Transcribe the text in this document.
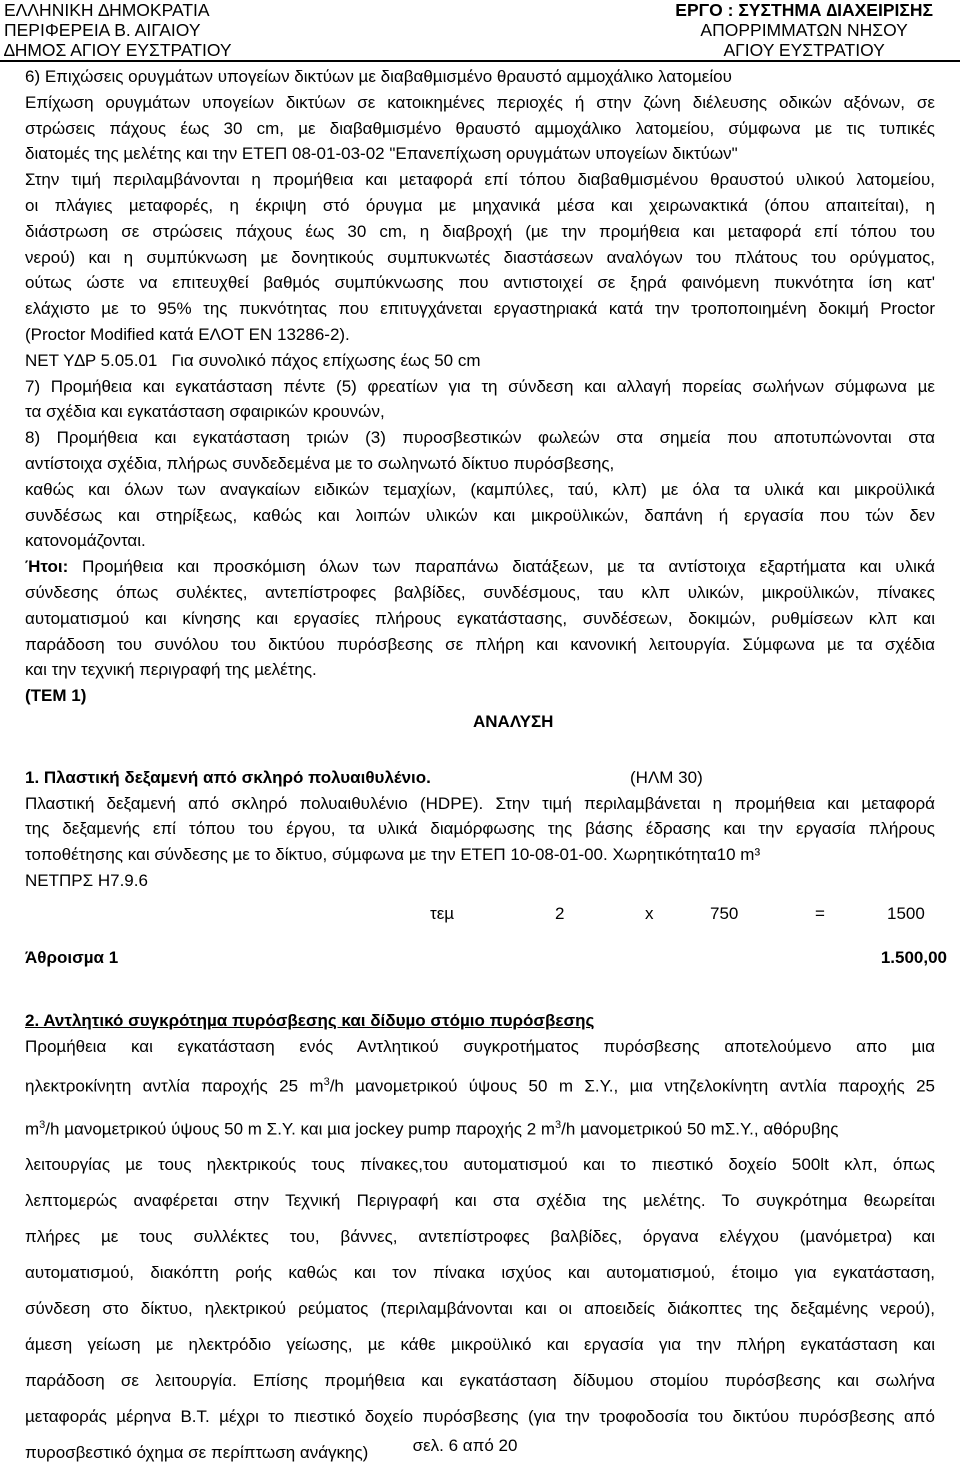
ΕΛΛΗΝΙΚΗ ∆ΗΜΟΚΡΑΤΙΑ
ΠΕΡΙΦΕΡΕΙΑ Β. ΑΙΓΑΙΟΥ
∆ΗΜΟΣ ΑΓΙΟΥ ΕΥΣΤΡΑΤΙΟΥ
ΕΡΓΟ : ΣΥΣΤΗΜΑ ∆ΙΑΧΕΙΡΙΣΗΣ
ΑΠΟΡΡΙΜΜΑΤΩΝ ΝΗΣΟΥ
ΑΓΙΟΥ ΕΥΣΤΡΑΤΙΟΥ
6) Επιχώσεις ορυγµάτων υπογείων δικτύων µε διαβαθµισµένο θραυστό αµµοχάλικο λατοµείου
Επίχωση ορυγµάτων υπογείων δικτύων σε κατοικηµένες περιοχές ή στην ζώνη διέλευσης οδικών αξόνων, σε
στρώσεις πάχους έως 30 cm, µε διαβαθµισµένο θραυστό αµµοχάλικο λατοµείου, σύµφωνα µε τις τυπικές
διατοµές της µελέτης και την ΕΤΕΠ 08-01-03-02 "Επανεπίχωση ορυγµάτων υπογείων δικτύων"
Στην τιµή περιλαµβάνονται η προµήθεια και µεταφορά επί τόπου διαβαθµισµένου θραυστού υλικού λατοµείου,
οι πλάγιες µεταφορές, η έκριψη στό όρυγµα µε µηχανικά µέσα και χειρωνακτικά (όπου απαιτείται), η
διάστρωση σε στρώσεις πάχους έως 30 cm, η διαβροχή (µε την προµήθεια και µεταφορά επί τόπου του
νερού) και η συµπύκνωση µε δονητικούς συµπυκνωτές διαστάσεων αναλόγων του πλάτους του ορύγµατος,
ούτως ώστε να επιτευχθεί βαθµός συµπύκνωσης που αντιστοιχεί σε ξηρά φαινόµενη πυκνότητα ίση κατ'
ελάχιστο µε το 95% της πυκνότητας που επιτυγχάνεται εργαστηριακά κατά την τροποποιηµένη δοκιµή Proctor
(Proctor Modified κατά ΕΛΟΤ ΕΝ 13286-2).
ΝΕΤ Υ∆Ρ 5.05.01   Για συνολικό πάχος επίχωσης έως 50 cm
7) Προµήθεια και εγκατάσταση πέντε (5) φρεατίων για τη σύνδεση και αλλαγή πορείας σωλήνων σύµφωνα µε
τα σχέδια και εγκατάσταση σφαιρικών κρουνών,
8) Προµήθεια και εγκατάσταση τριών (3) πυροσβεστικών φωλεών στα σηµεία που αποτυπώνονται στα
αντίστοιχα σχέδια, πλήρως συνδεδεµένα µε το σωληνωτό δίκτυο πυρόσβεσης,
καθώς και όλων των αναγκαίων ειδικών τεµαχίων, (καµπύλες, ταύ, κλπ) µε όλα τα υλικά και µικροϋλικά
συνδέσως και στηρίξεως, καθώς και λοιπών υλικών και µικροϋλικών, δαπάνη ή εργασία που τών δεν
κατονοµάζονται.
Ήτοι: Προµήθεια και προσκόµιση όλων των παραπάνω διατάξεων, µε τα αντίστοιχα εξαρτήµατα και υλικά
σύνδεσης όπως συλέκτες, αντεπίστροφες βαλβίδες, συνδέσµους, ταυ κλπ υλικών, µικροϋλικών, πίνακες
αυτοµατισµού και κίνησης και εργασίες πλήρους εγκατάστασης, συνδέσεων, δοκιµών, ρυθµίσεων κλπ και
παράδοση του συνόλου του δικτύου πυρόσβεσης σε πλήρη και κανονική λειτουργία. Σύµφωνα µε τα σχέδια
και την τεχνική περιγραφή της µελέτης.
(ΤΕΜ 1)
ΑΝΑΛΥΣΗ
1. Πλαστική δεξαµενή από σκληρό πολυαιθυλένιο.	(ΗΛΜ 30)
Πλαστική δεξαµενή από σκληρό πολυαιθυλένιο (HDPE). Στην τιµή περιλαµβάνεται η προµήθεια και µεταφορά
της δεξαµενής επί τόπου του έργου, τα υλικά διαµόρφωσης της βάσης έδρασης και την εργασία πλήρους
τοποθέτησης και σύνδεσης µε το δίκτυο, σύµφωνα µε την ΕΤΕΠ 10-08-01-00. Χωρητικότητα10 m³
ΝΕΤΠΡΣ Η7.9.6
τεµ	2	x	750	=	1500
Άθροισµα 1	1.500,00
2. Αντλητικό συγκρότηµα πυρόσβεσης και δίδυµο στόµιο πυρόσβεσης
Προµήθεια και εγκατάσταση ενός Αντλητικού συγκροτήµατος πυρόσβεσης αποτελούµενο απο µια
ηλεκτροκίνητη αντλία παροχής 25 $m^3/h$ µανοµετρικού ύψους 50 m Σ.Υ., µια ντηζελοκίνητη αντλία παροχής 25
$m^3/h$ µανοµετρικού ύψους 50 m Σ.Υ. και µια jockey pump παροχής 2 $m^3/h$ µανοµετρικού 50 mΣ.Υ., αθόρυβης
λειτουργίας µε τους ηλεκτρικούς τους πίνακες,του αυτοµατισµού και το πιεστικό δοχείο 500lt κλπ, όπως
λεπτοµερώς αναφέρεται στην Τεχνική Περιγραφή και στα σχέδια της µελέτης. Το συγκρότηµα θεωρείται
πλήρες µε τους συλλέκτες του, βάννες, αντεπίστροφες βαλβίδες, όργανα ελέγχου (µανόµετρα) και
αυτοµατισµού, διακόπτη ροής καθώς και τον πίνακα ισχύος και αυτοµατισµού, έτοιµο για εγκατάσταση,
σύνδεση στο δίκτυο, ηλεκτρικού ρεύµατος (περιλαµβάνονται και οι αποειδείς διάκοπτες της δεξαµένης νερού),
άµεση γείωση µε ηλεκτρόδιο γείωσης, µε κάθε µικροϋλικό και εργασία για την πλήρη εγκατάσταση και
παράδοση σε λειτουργία. Επίσης προµήθεια και εγκατάσταση δίδυµου στοµίου πυρόσβεσης και σωλήνα
µεταφοράς µέρηνα Β.Τ. µέχρι το πιεστικό δοχείο πυρόσβεσης (για την τροφοδοσία του δικτύου πυρόσβεσης από
πυροσβεστικό όχηµα σε περίπτωση ανάγκης)	σελ. 6 από 20
